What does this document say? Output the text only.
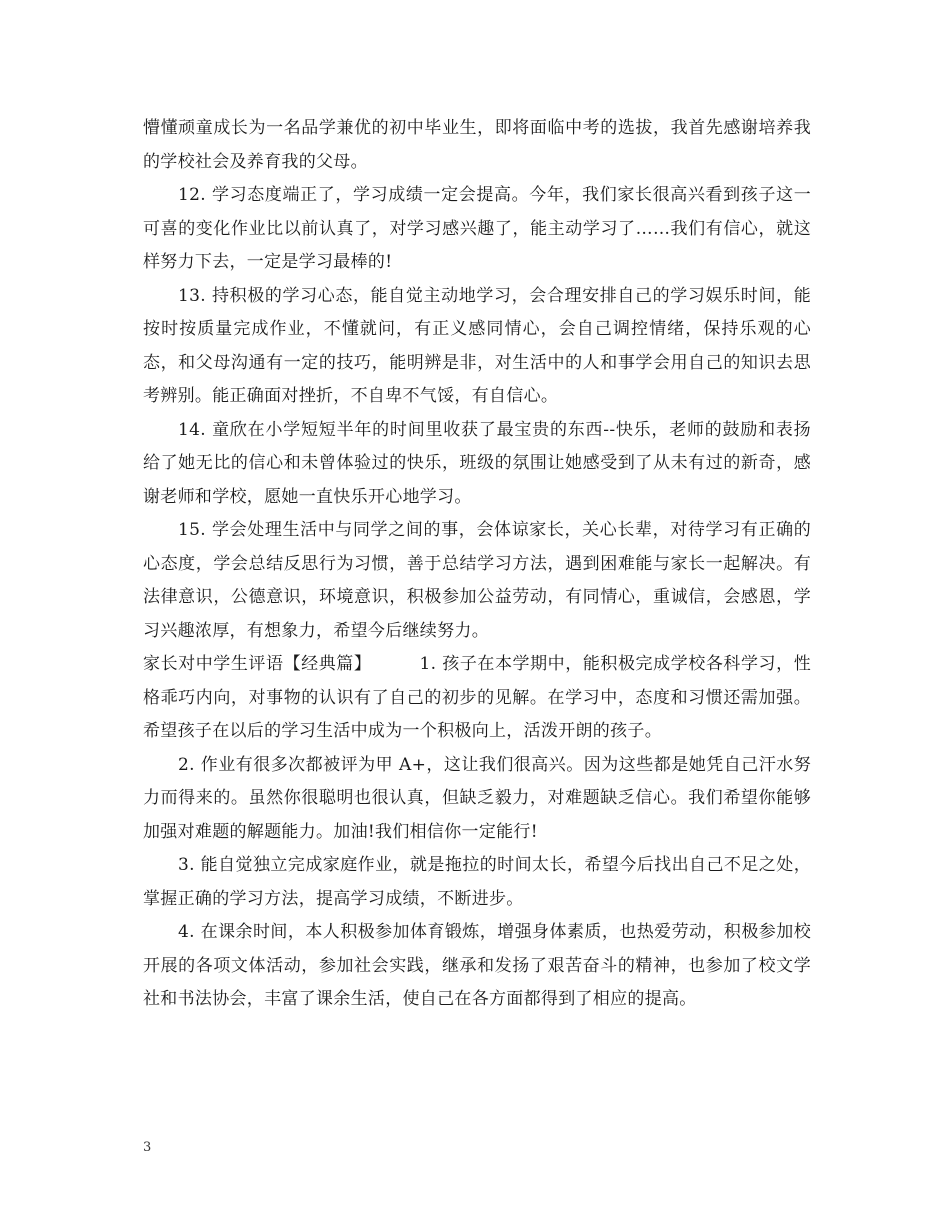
懵懂顽童成长为一名品学兼优的初中毕业生，即将面临中考的选拔，我首先感谢培养我的学校社会及养育我的父母。

12. 学习态度端正了，学习成绩一定会提高。今年，我们家长很高兴看到孩子这一可喜的变化作业比以前认真了，对学习感兴趣了，能主动学习了……我们有信心，就这样努力下去，一定是学习最棒的!

13. 持积极的学习心态，能自觉主动地学习，会合理安排自己的学习娱乐时间，能按时按质量完成作业，不懂就问，有正义感同情心，会自己调控情绪，保持乐观的心态，和父母沟通有一定的技巧，能明辨是非，对生活中的人和事学会用自己的知识去思考辨别。能正确面对挫折，不自卑不气馁，有自信心。

14. 童欣在小学短短半年的时间里收获了最宝贵的东西--快乐，老师的鼓励和表扬给了她无比的信心和未曾体验过的快乐，班级的氛围让她感受到了从未有过的新奇，感谢老师和学校，愿她一直快乐开心地学习。

15. 学会处理生活中与同学之间的事，会体谅家长，关心长辈，对待学习有正确的心态度，学会总结反思行为习惯，善于总结学习方法，遇到困难能与家长一起解决。有法律意识，公德意识，环境意识，积极参加公益劳动，有同情心，重诚信，会感恩，学习兴趣浓厚，有想象力，希望今后继续努力。

家长对中学生评语【经典篇】	1. 孩子在本学期中，能积极完成学校各科学习，性格乖巧内向，对事物的认识有了自己的初步的见解。在学习中，态度和习惯还需加强。希望孩子在以后的学习生活中成为一个积极向上，活泼开朗的孩子。

2. 作业有很多次都被评为甲 A+，这让我们很高兴。因为这些都是她凭自己汗水努力而得来的。虽然你很聪明也很认真，但缺乏毅力，对难题缺乏信心。我们希望你能够加强对难题的解题能力。加油!我们相信你一定能行!

3. 能自觉独立完成家庭作业，就是拖拉的时间太长，希望今后找出自己不足之处，掌握正确的学习方法，提高学习成绩，不断进步。

4. 在课余时间，本人积极参加体育锻炼，增强身体素质，也热爱劳动，积极参加校开展的各项文体活动，参加社会实践，继承和发扬了艰苦奋斗的精神，也参加了校文学社和书法协会，丰富了课余生活，使自己在各方面都得到了相应的提高。

3
